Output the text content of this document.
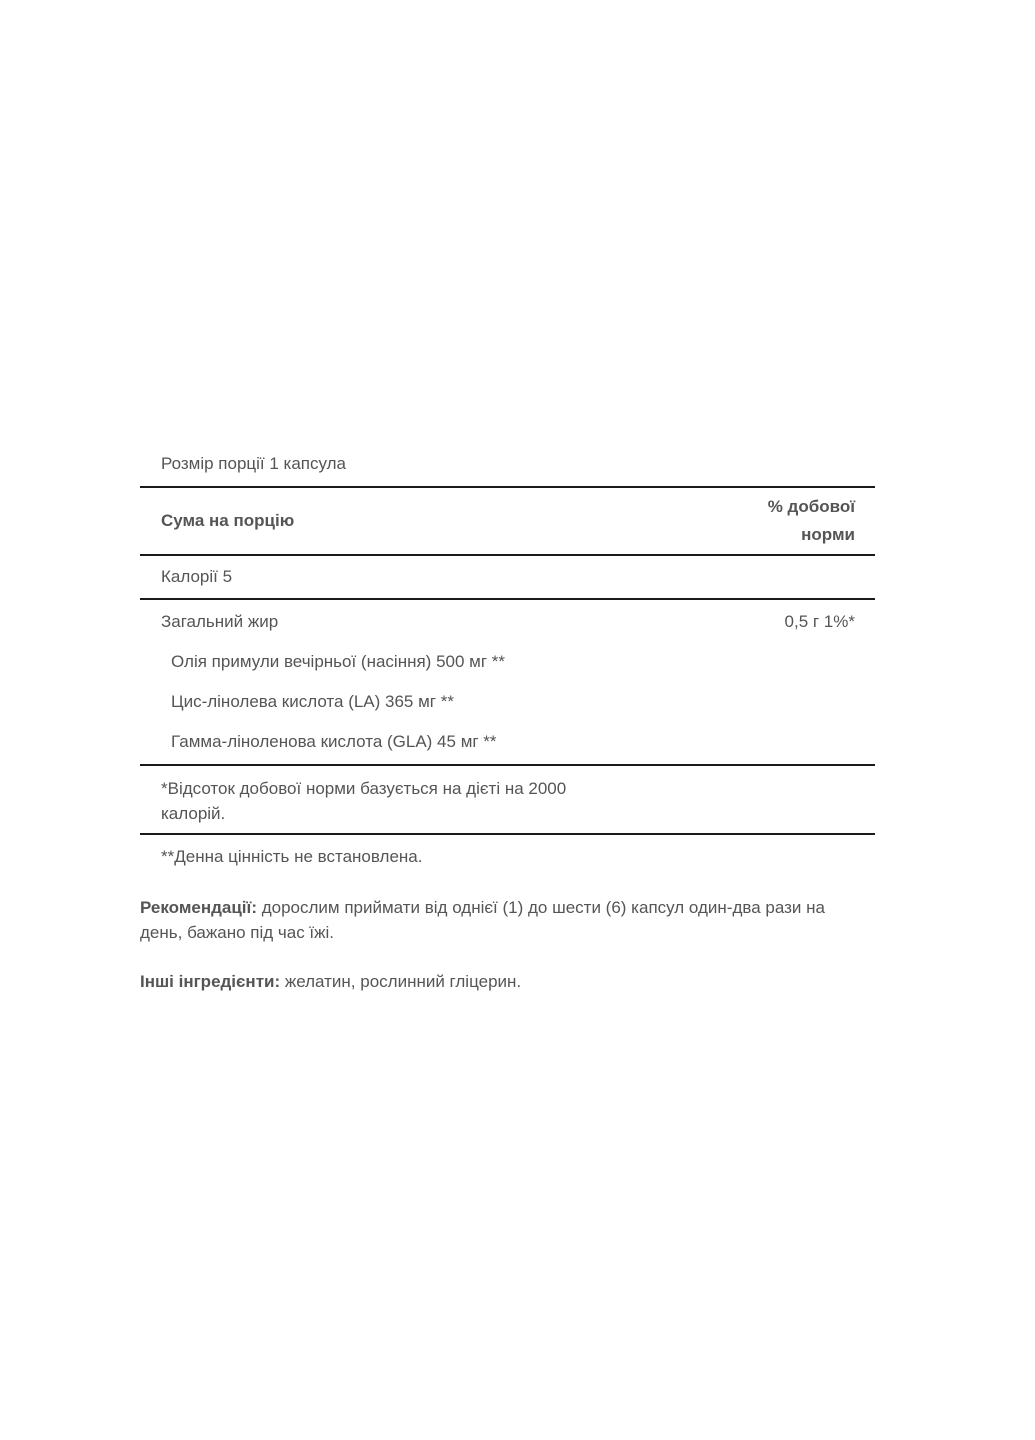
Розмір порції 1 капсула
Сума на порцію
% добової
норми
Калорії 5
Загальний жир	0,5 г 1%*
Олія примули вечірньої (насіння) 500 мг **
Цис-лінолева кислота (LA) 365 мг **
Гамма-ліноленова кислота (GLA) 45 мг **
*Відсоток добової норми базується на дієті на 2000
калорій.
**Денна цінність не встановлена.
Рекомендації: дорослим приймати від однієї (1) до шести (6) капсул один-два рази на день, бажано під час їжі.
Інші інгредієнти: желатин, рослинний гліцерин.
